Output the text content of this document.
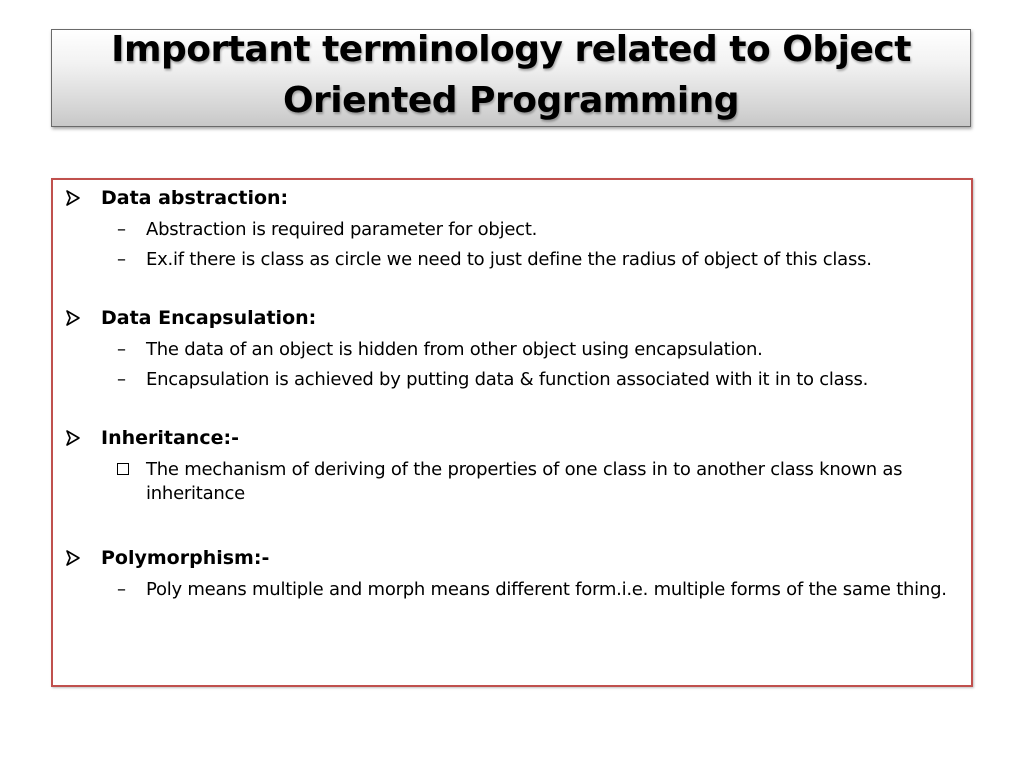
Important terminology related to Object Oriented Programming
Data abstraction:
–	Abstraction is required parameter for object.
–	Ex.if there is class as circle we need to just define the radius of object of this class.
Data Encapsulation:
–	The data of an object is hidden from other object using encapsulation.
–	Encapsulation is achieved by putting data & function associated with it in to class.
Inheritance:-
The mechanism of deriving of the properties of one class in to another class known as inheritance
Polymorphism:-
–	Poly means multiple and morph means different form.i.e. multiple forms of the same thing.
